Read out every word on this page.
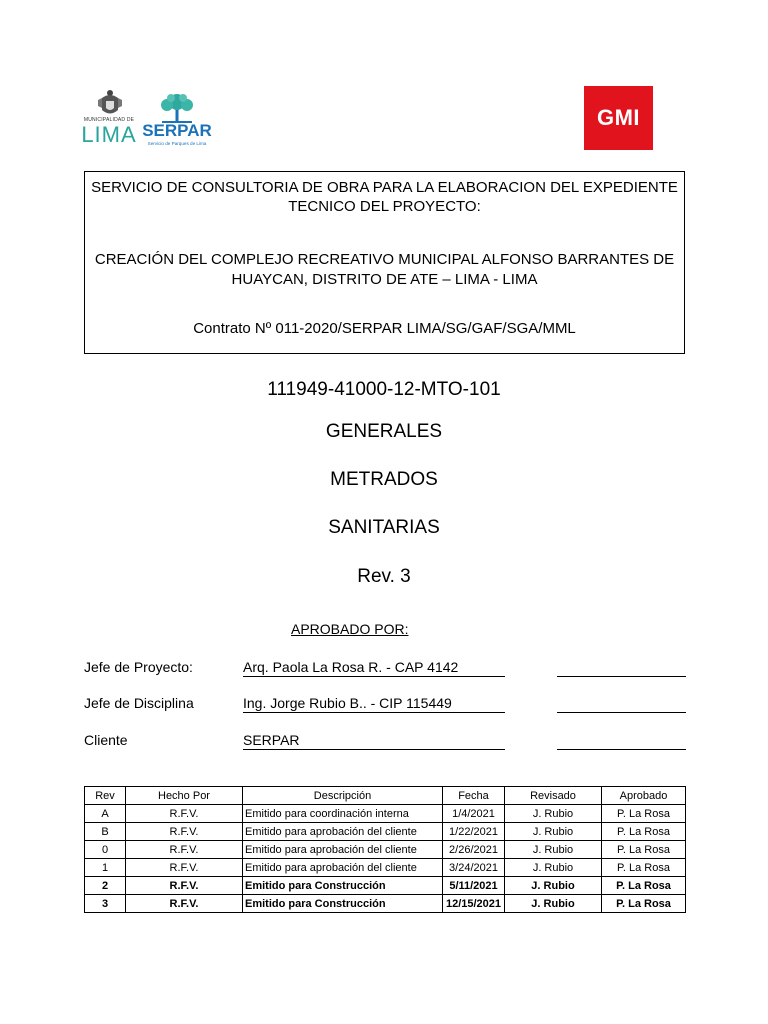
MUNICIPALIDAD DE
LIMA SERPAR
Servicio de Parques de Lima
GMI
SERVICIO DE CONSULTORIA DE OBRA PARA LA ELABORACION DEL EXPEDIENTE
TECNICO DEL PROYECTO:
CREACIÓN DEL COMPLEJO RECREATIVO MUNICIPAL ALFONSO BARRANTES DE
HUAYCAN, DISTRITO DE ATE – LIMA - LIMA
Contrato Nº 011-2020/SERPAR LIMA/SG/GAF/SGA/MML
111949-41000-12-MTO-101
GENERALES
METRADOS
SANITARIAS
Rev. 3
APROBADO POR:
Jefe de Proyecto:	Arq. Paola La Rosa R. - CAP 4142
Jefe de Disciplina	Ing. Jorge Rubio B.. - CIP 115449
Cliente	SERPAR
Rev	Hecho Por	Descripción	Fecha	Revisado	Aprobado
A	R.F.V.	Emitido para coordinación interna	1/4/2021	J. Rubio	P. La Rosa
B	R.F.V.	Emitido para aprobación del cliente	1/22/2021	J. Rubio	P. La Rosa
0	R.F.V.	Emitido para aprobación del cliente	2/26/2021	J. Rubio	P. La Rosa
1	R.F.V.	Emitido para aprobación del cliente	3/24/2021	J. Rubio	P. La Rosa
2	R.F.V.	Emitido para Construcción	5/11/2021	J. Rubio	P. La Rosa
3	R.F.V.	Emitido para Construcción	12/15/2021	J. Rubio	P. La Rosa
